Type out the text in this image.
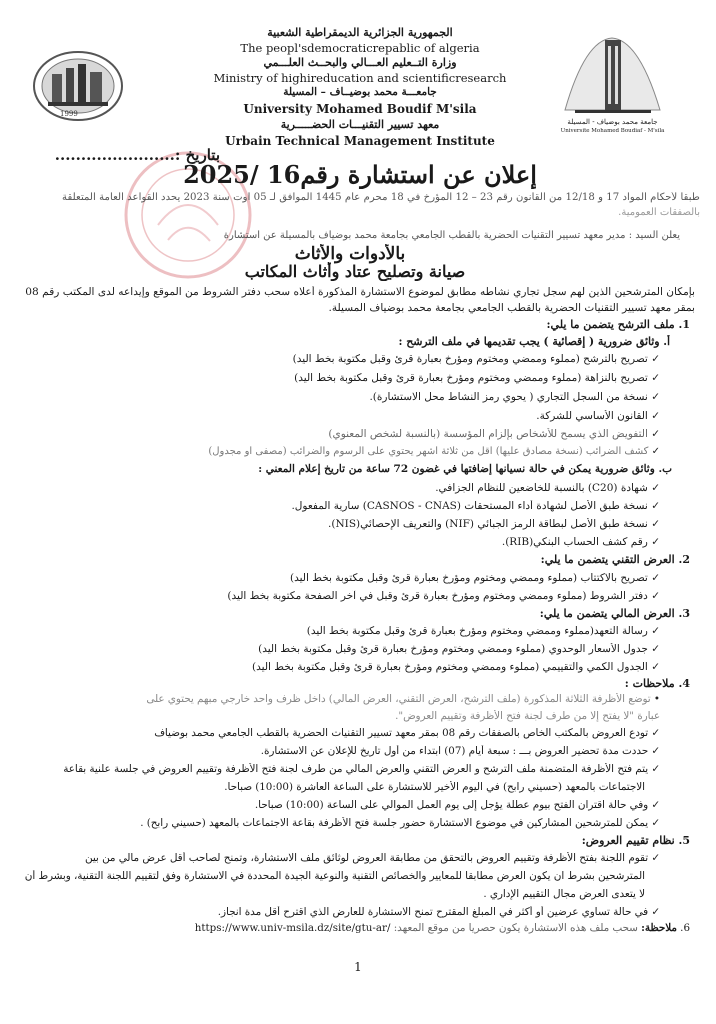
1999
جامعة محمد بوضياف - المسيلة
Universite Mohamed Boudiaf - M'sila
الجمهورية الجزائرية الديمقراطية الشعبية
The peopl'sdemocraticrepablic of algeria
وزارة التــعليم العـــالي والبحــث العلـــمي
Ministry of highireducation and scientificresearch
جامعـــة محمد بوضيــاف – المسيلة
University Mohamed Boudif M'sila
معهد تسيير التقنيـــات الحضـــــرية
Urbain Technical Management Institute
بتاريخ :.......................
إعلان عن استشارة رقم16 /2025
طبقا لأحكام المواد 17 و 12/18 من القانون رقم 23 – 12 المؤرخ في 18 محرم عام 1445 الموافق لـ 05 أوت سنة 2023 يحدد القواعد العامة المتعلقة
بالصفقات العمومية.
يعلن السيد : مدير معهد تسيير التقنيات الحضرية بالقطب الجامعي بجامعة محمد بوضياف بالمسيلة عن استشارة
بالأدوات والأثاث
صيانة وتصليح عتاد وأثاث المكاتب
بإمكان المترشحين الذين لهم سجل تجاري نشاطه مطابق لموضوع الاستشارة المذكورة أعلاه سحب دفتر الشروط من الموقع وإيداعه لدى المكتب رقم 08
بمقر معهد تسيير التقنيات الحضرية بالقطب الجامعي بجامعة محمد بوضياف المسيلة.
1. ملف الترشح يتضمن ما يلي:
أ. وثائق ضرورية ( إقصائية ) يجب تقديمها في ملف الترشح :
✓ تصريح بالترشح (مملوء وممضي ومختوم ومؤرخ بعبارة قرئ وقبل مكتوبة بخط اليد)
✓ تصريح بالنزاهة (مملوء وممضي ومختوم ومؤرخ بعبارة قرئ وقبل مكتوبة بخط اليد)
✓ نسخة من السجل التجاري ( يحوي رمز النشاط محل الاستشارة).
✓ القانون الأساسي للشركة.
✓ التفويض الذي يسمح للأشخاص بإلزام المؤسسة (بالنسبة لشخص المعنوي)
✓ كشف الضرائب (نسخة مصادق عليها) أقل من ثلاثة أشهر يحتوي على الرسوم والضرائب (مصفى أو مجدول)
ب. وثائق ضرورية يمكن في حالة نسيانها إضافتها في غضون 72 ساعة من تاريخ إعلام المعني :
✓ شهادة (C20) بالنسبة للخاضعين للنظام الجزافي.
✓ نسخة طبق الأصل لشهادة أداء المستحقات (CASNOS - CNAS) سارية المفعول.
✓ نسخة طبق الأصل لبطاقة الرمز الجبائي (NIF) والتعريف الإحصائي(NIS).
✓ رقم كشف الحساب البنكي(RIB).
2. العرض التقني يتضمن ما يلي:
✓ تصريح بالاكتتاب (مملوء وممضي ومختوم ومؤرخ بعبارة قرئ وقبل مكتوبة بخط اليد)
✓ دفتر الشروط (مملوء وممضي ومختوم ومؤرخ بعبارة قرئ وقبل في آخر الصفحة مكتوبة بخط اليد)
3. العرض المالي يتضمن ما يلي:
✓ رسالة التعهد(مملوء وممضي ومختوم ومؤرخ بعبارة قرئ وقبل مكتوبة بخط اليد)
✓ جدول الأسعار الوحدوي (مملوء وممضي ومختوم ومؤرخ بعبارة قرئ وقبل مكتوبة بخط اليد)
✓ الجدول الكمي والتقييمي (مملوء وممضي ومختوم ومؤرخ بعبارة قرئ وقبل مكتوبة بخط اليد)
4. ملاحظات :
• توضع الأظرفة الثلاثة المذكورة (ملف الترشح، العرض التقني، العرض المالي) داخل ظرف واحد خارجي مبهم يحتوي على
عبارة "لا يفتح إلا من طرف لجنة فتح الأظرفة وتقييم العروض".
✓ تودع العروض بالمكتب الخاص بالصفقات رقم 08 بمقر معهد تسيير التقنيات الحضرية بالقطب الجامعي محمد بوضياف
✓ حددت مدة تحضير العروض بـــ : سبعة أيام (07) ابتداء من أول تاريخ للإعلان عن الاستشارة.
✓ يتم فتح الأظرفة المتضمنة ملف الترشح و العرض التقني والعرض المالي من طرف لجنة فتح الأظرفة وتقييم العروض في جلسة علنية بقاعة
الاجتماعات بالمعهد (حسيني رابح) في اليوم الأخير للاستشارة على الساعة العاشرة (10:00) صباحا.
✓ وفي حالة اقتران الفتح بيوم عطلة يؤجل إلى يوم العمل الموالي على الساعة (10:00) صباحا.
✓ يمكن للمترشحين المشاركين في موضوع الاستشارة حضور جلسة فتح الأظرفة بقاعة الاجتماعات بالمعهد (حسيني رابح) .
5. نظام تقييم العروض:
✓ تقوم اللجنة بفتح الأظرفة وتقييم العروض بالتحقق من مطابقة العروض لوثائق ملف الاستشارة، وتمنح لصاحب أقل عرض مالي من بين
المترشحين بشرط ان يكون العرض مطابقا للمعايير والخصائص التقنية والنوعية الجيدة المحددة في الاستشارة وفق لتقييم اللجنة التقنية، وبشرط أن
لا يتعدى العرض مجال التقييم الإداري .
✓ في حالة تساوي عرضين أو أكثر في المبلغ المقترح تمنح الاستشارة للعارض الذي اقترح أقل مدة انجاز.
6. ملاحظة: سحب ملف هذه الاستشارة يكون حصريا من موقع المعهد: https://www.univ-msila.dz/site/gtu-ar/
1
